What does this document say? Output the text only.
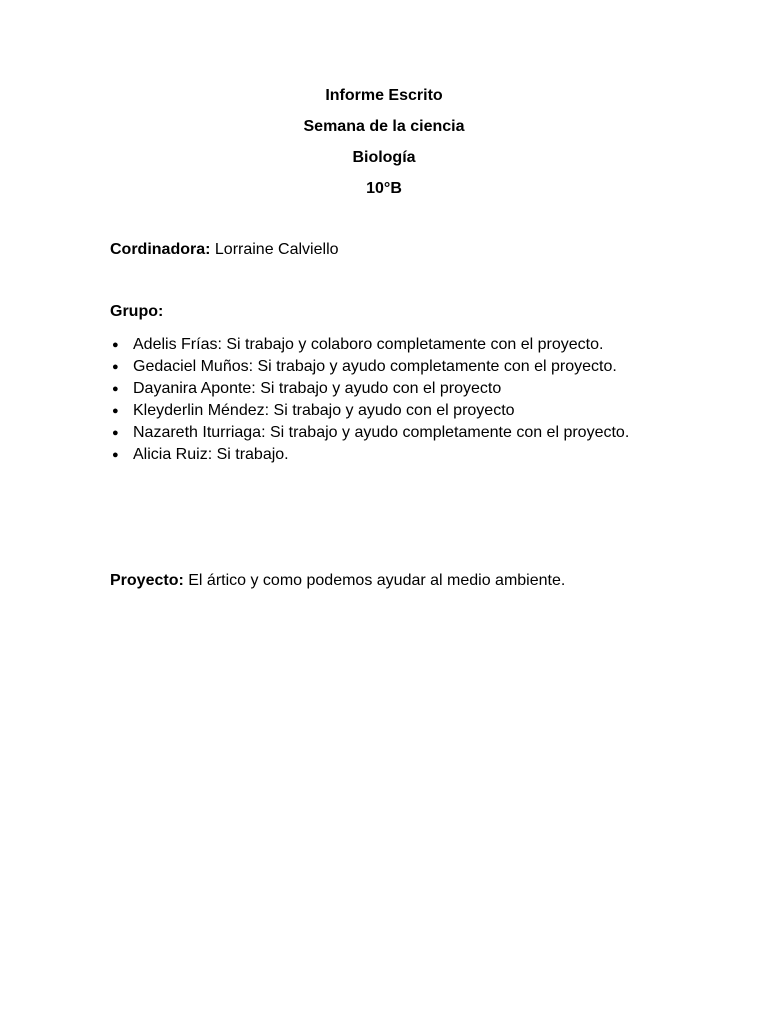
Informe Escrito
Semana de la ciencia
Biología
10°B
Cordinadora: Lorraine Calviello
Grupo:
● Adelis Frías: Si trabajo y colaboro completamente con el proyecto.
● Gedaciel Muños: Si trabajo y ayudo completamente con el proyecto.
● Dayanira Aponte: Si trabajo y ayudo con el proyecto
● Kleyderlin Méndez: Si trabajo y ayudo con el proyecto
● Nazareth Iturriaga: Si trabajo y ayudo completamente con el proyecto.
● Alicia Ruiz: Si trabajo.
Proyecto: El ártico y como podemos ayudar al medio ambiente.
